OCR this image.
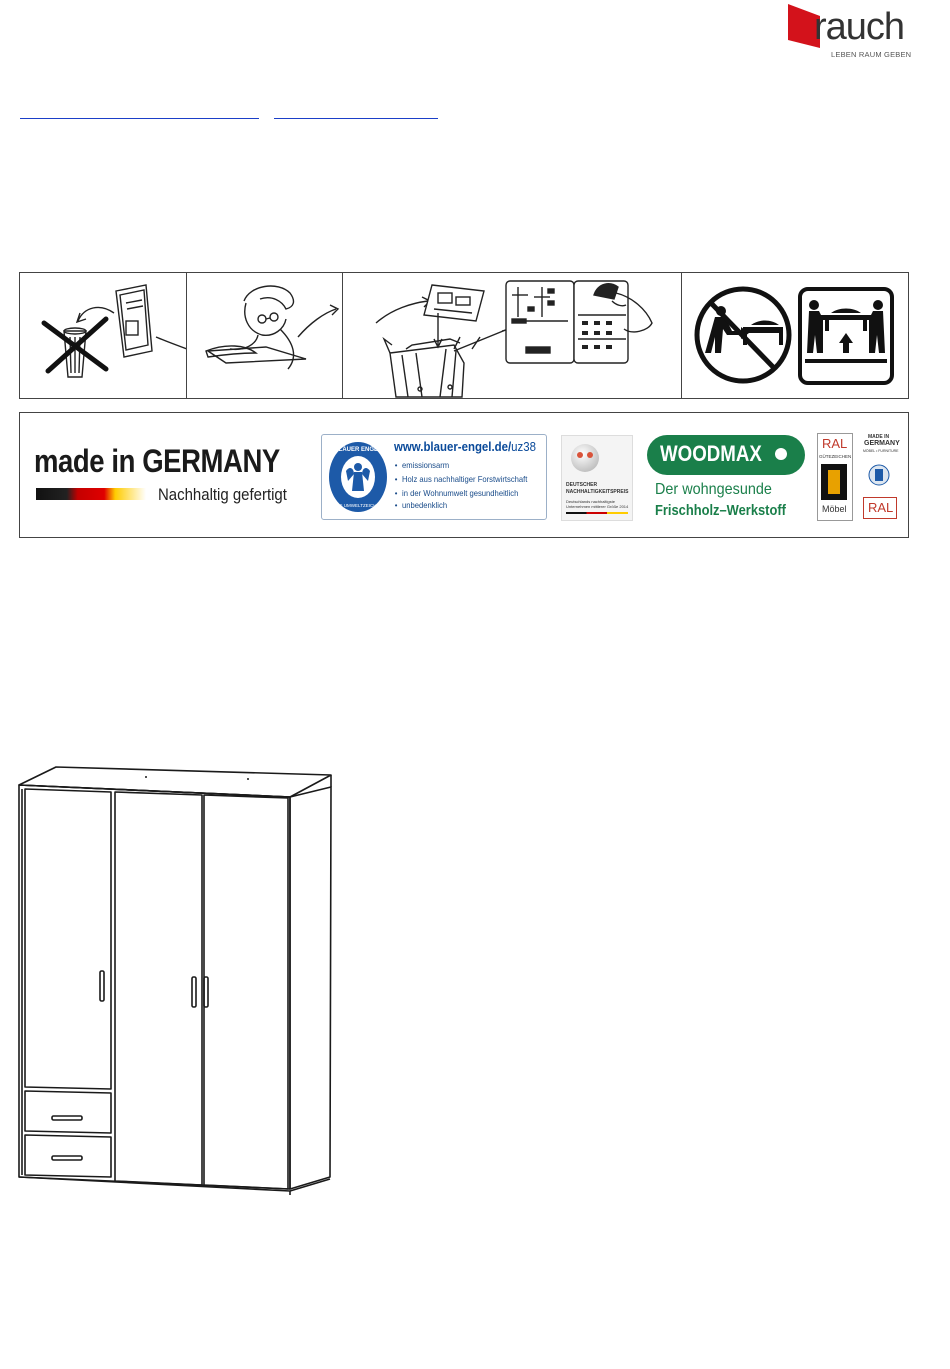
rauch
LEBEN RAUM GEBEN
made in GERMANY
Nachhaltig gefertigt
BLAUER ENGEL
DAS UMWELTZEICHEN
www.blauer-engel.de/uz38
• emissionsarm
• Holz aus nachhaltiger Forstwirtschaft
• in der Wohnumwelt gesundheitlich
• unbedenklich
DEUTSCHER
NACHHALTIGKEITSPREIS
Deutschlands nachhaltigste
Unternehmen mittlerer Größe 2014
WOODMAX
Der wohngesunde
Frischholz–Werkstoff
RAL
GÜTEZEICHEN
Möbel
MADE IN
GERMANY
MÖBEL • FURNITURE
RAL
